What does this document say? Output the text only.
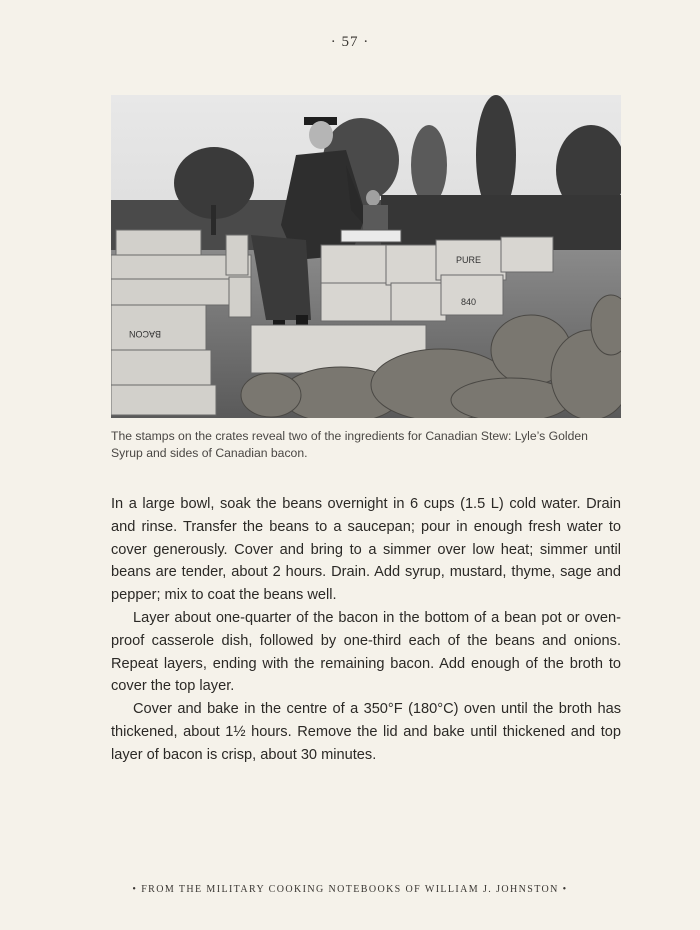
· 57 ·
BACON
PURE
840
The stamps on the crates reveal two of the ingredients for Canadian Stew: Lyle’s Golden Syrup and sides of Canadian bacon.

In a large bowl, soak the beans overnight in 6 cups (1.5 L) cold water. Drain and rinse. Transfer the beans to a saucepan; pour in enough fresh water to cover generously. Cover and bring to a simmer over low heat; simmer until beans are tender, about 2 hours. Drain. Add syrup, mustard, thyme, sage and pepper; mix to coat the beans well.

Layer about one-quarter of the bacon in the bottom of a bean pot or oven-proof casserole dish, followed by one-third each of the beans and onions. Repeat layers, ending with the remaining bacon. Add enough of the broth to cover the top layer.

Cover and bake in the centre of a 350°F (180°C) oven until the broth has thickened, about 1½ hours. Remove the lid and bake until thickened and top layer of bacon is crisp, about 30 minutes.

• FROM THE MILITARY COOKING NOTEBOOKS OF WILLIAM J. JOHNSTON •
